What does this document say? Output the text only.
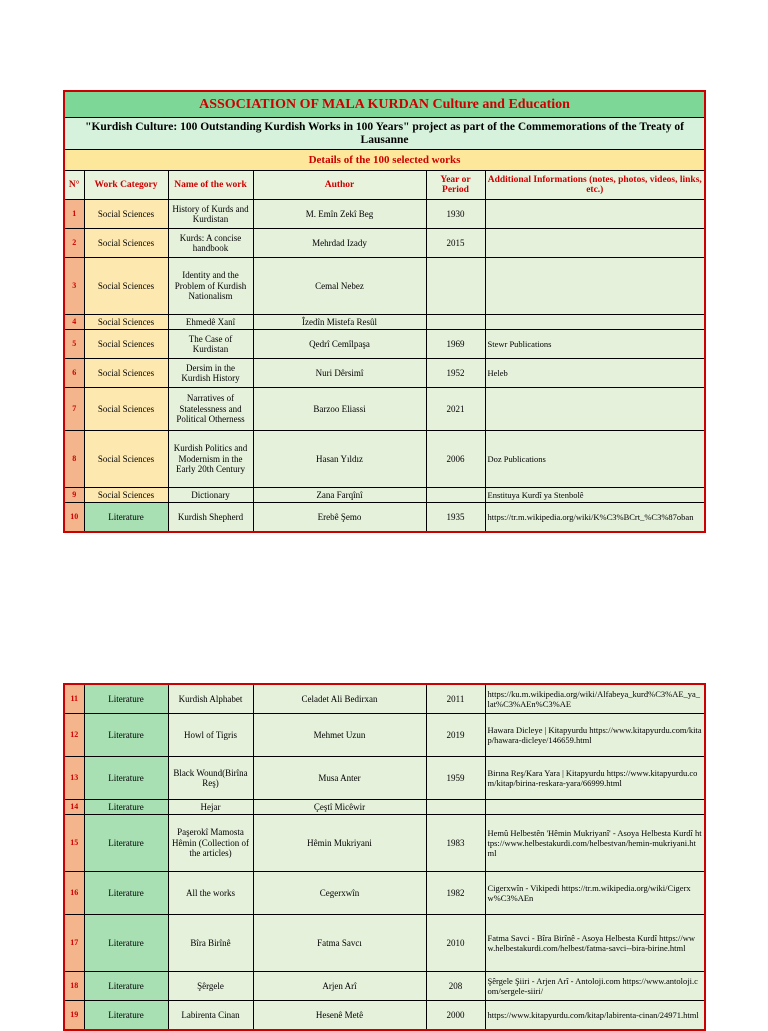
ASSOCIATION OF MALA KURDAN Culture and Education					
"Kurdish Culture: 100 Outstanding Kurdish Works in 100 Years" project as part of the Commemorations of the Treaty of Lausanne					
Details of the 100 selected works					
N°	Work Category	Name of the work	Author	Year or Period	Additional Informations (notes, photos, videos, links, etc.)
1	Social Sciences	History of Kurds and Kurdistan	M. Emîn Zekî Beg	1930	
2	Social Sciences	Kurds: A concise handbook	Mehrdad Izady	2015	
3	Social Sciences	Identity and the Problem of Kurdish Nationalism	Cemal Nebez		
4	Social Sciences	Ehmedê Xanî	Îzedîn Mistefa Resûl		
5	Social Sciences	The Case of Kurdistan	Qedrî Cemîlpaşa	1969	Stewr Publications
6	Social Sciences	Dersim in the Kurdish History	Nuri Dêrsimî	1952	Heleb
7	Social Sciences	Narratives of Statelessness and Political Otherness	Barzoo Eliassi	2021	
8	Social Sciences	Kurdish Politics and Modernism in the Early 20th Century	Hasan Yıldız	2006	Doz Publications
9	Social Sciences	Dictionary	Zana Farqînî		Enstituya Kurdî ya Stenbolê
10	Literature	Kurdish Shepherd	Erebê Şemo	1935	https://tr.m.wikipedia.org/wiki/K%C3%BCrt_%C3%87oban
11	Literature	Kurdish Alphabet	Celadet Ali Bedirxan	2011	https://ku.m.wikipedia.org/wiki/Alfabeya_kurd%C3%AE_ya_lat%C3%AEn%C3%AE
12	Literature	Howl of Tigris	Mehmet Uzun	2019	Hawara Dicleye | Kitapyurdu https://www.kitapyurdu.com/kitap/hawara-dicleye/146659.html
13	Literature	Black Wound(Birîna Reş)	Musa Anter	1959	Birına Reş/Kara Yara | Kitapyurdu https://www.kitapyurdu.com/kitap/birina-reskara-yara/66999.html
14	Literature	Hejar	Çeştî Micêwir		
15	Literature	Paşerokî Mamosta Hêmin (Collection of the articles)	Hêmin Mukriyani	1983	Hemû Helbestên 'Hêmin Mukriyanî' - Asoya Helbesta Kurdî https://www.helbestakurdi.com/helbestvan/hemin-mukriyani.html
16	Literature	All the works	Cegerxwîn	1982	Cigerxwîn - Vikipedi https://tr.m.wikipedia.org/wiki/Cigerxw%C3%AEn
17	Literature	Bîra Birînê	Fatma Savcı	2010	Fatma Savci - Bîra Birînê - Asoya Helbesta Kurdî https://www.helbestakurdi.com/helbest/fatma-savci--bira-birine.html
18	Literature	Şêrgele	Arjen Arî	208	Şêrgele Şiiri - Arjen Arî - Antoloji.com https://www.antoloji.com/sergele-siiri/
19	Literature	Labirenta Cinan	Hesenê Metê	2000	https://www.kitapyurdu.com/kitap/labirenta-cinan/24971.html
